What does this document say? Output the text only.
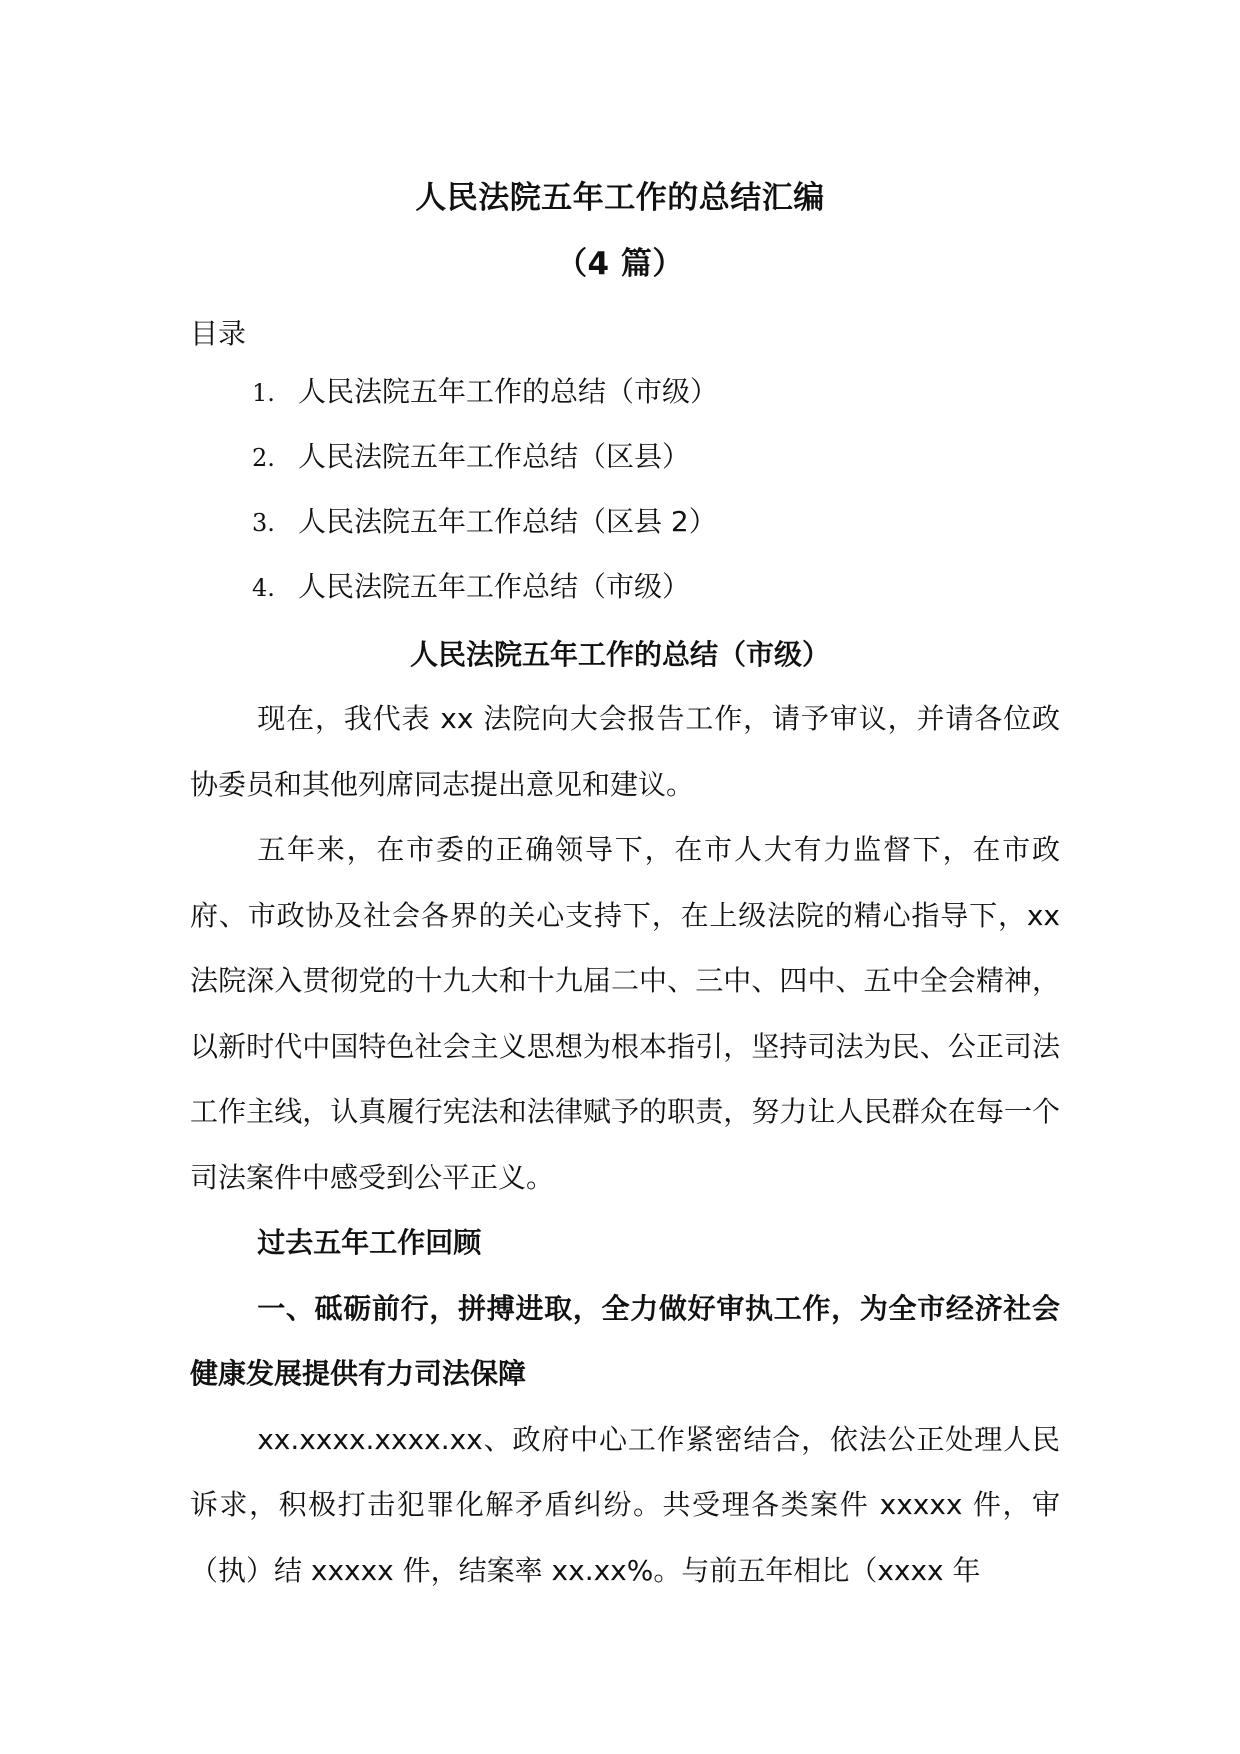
人民法院五年工作的总结汇编
（4 篇）
目录
1. 人民法院五年工作的总结（市级）
2. 人民法院五年工作总结（区县）
3. 人民法院五年工作总结（区县 2）
4. 人民法院五年工作总结（市级）
人民法院五年工作的总结（市级）

现在，我代表 xx 法院向大会报告工作，请予审议，并请各位政协委员和其他列席同志提出意见和建议。

五年来，在市委的正确领导下，在市人大有力监督下，在市政府、市政协及社会各界的关心支持下，在上级法院的精心指导下，xx 法院深入贯彻党的十九大和十九届二中、三中、四中、五中全会精神，以新时代中国特色社会主义思想为根本指引，坚持司法为民、公正司法工作主线，认真履行宪法和法律赋予的职责，努力让人民群众在每一个司法案件中感受到公平正义。

过去五年工作回顾

一、砥砺前行，拼搏进取，全力做好审执工作，为全市经济社会健康发展提供有力司法保障

xx.xxxx.xxxx.xx、政府中心工作紧密结合，依法公正处理人民诉求，积极打击犯罪化解矛盾纠纷。共受理各类案件 xxxxx 件，审（执）结 xxxxx 件，结案率 xx.xx%。与前五年相比（xxxx 年
